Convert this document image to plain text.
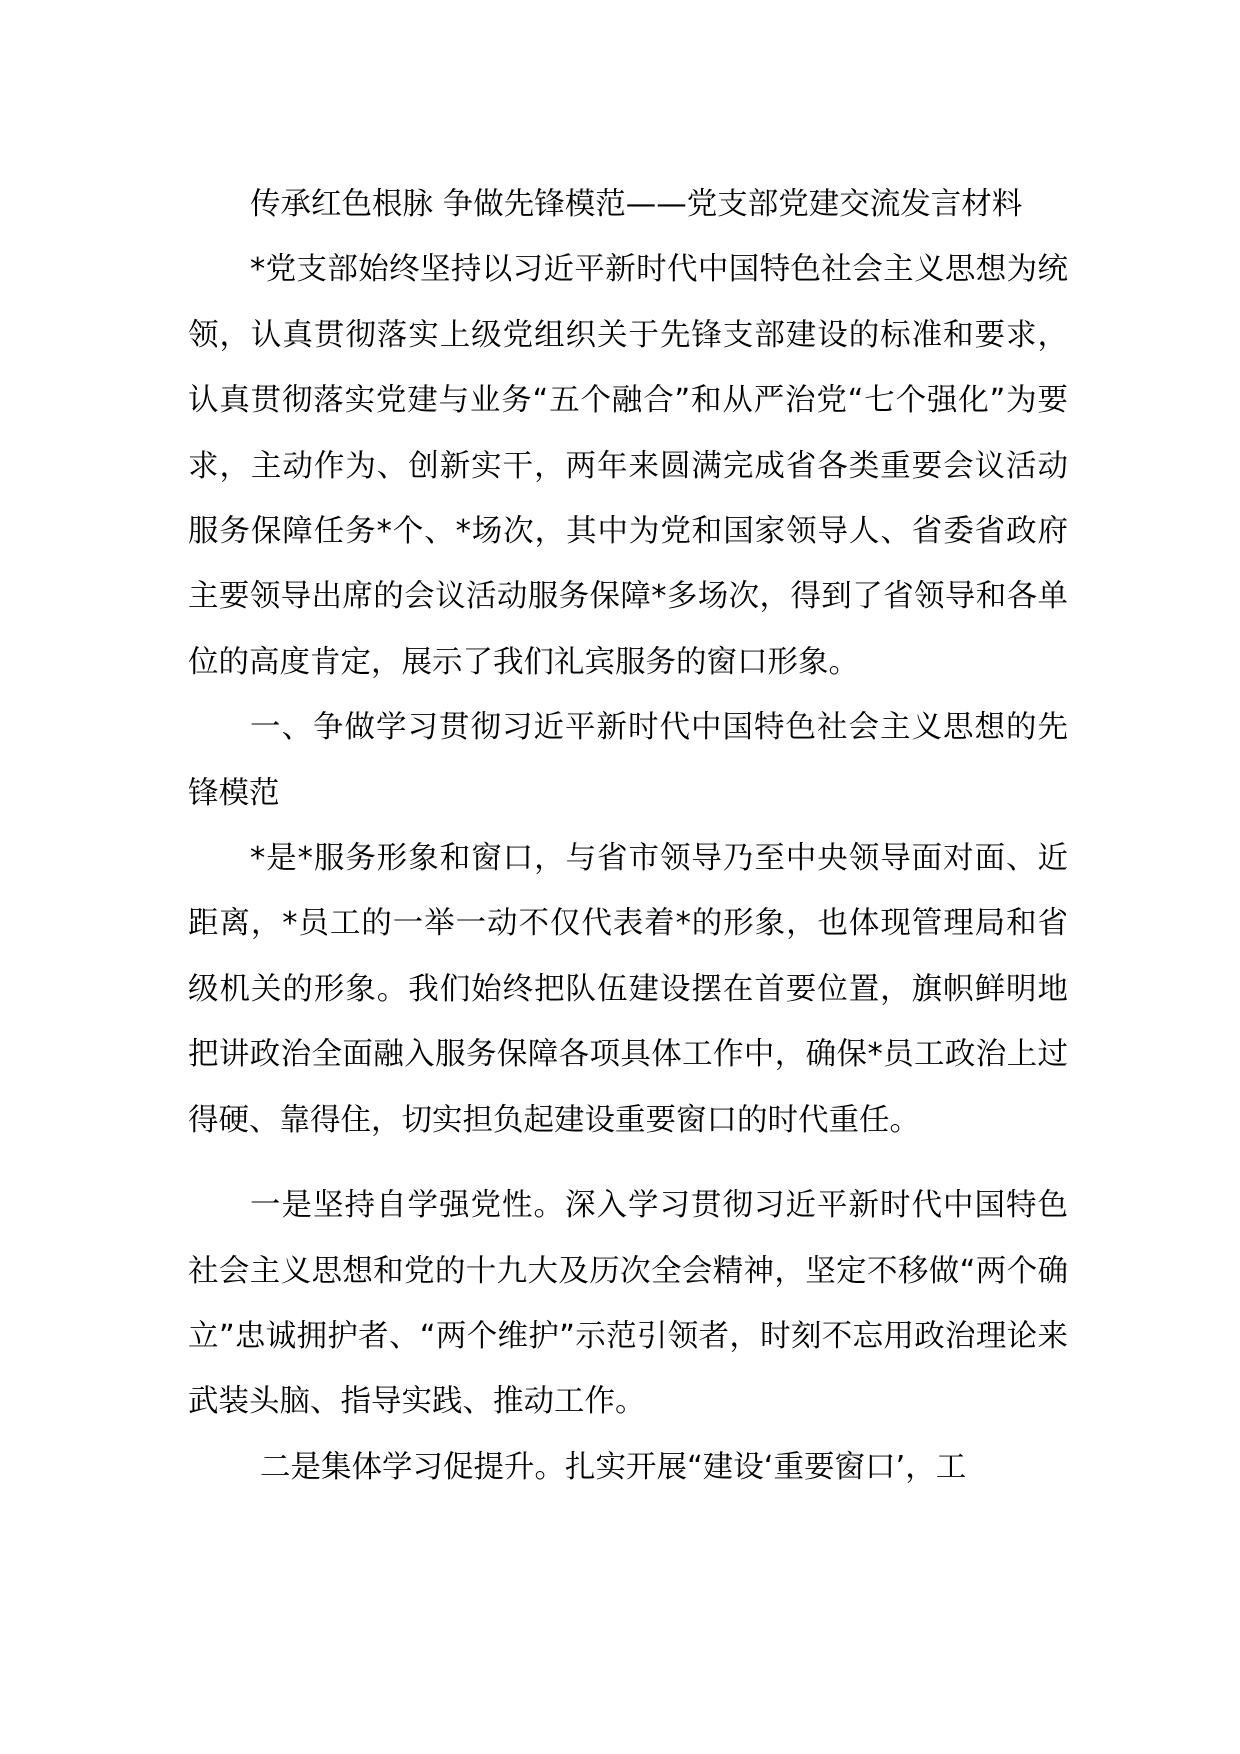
传承红色根脉 争做先锋模范——党支部党建交流发言材料

*党支部始终坚持以习近平新时代中国特色社会主义思想为统领，认真贯彻落实上级党组织关于先锋支部建设的标准和要求，认真贯彻落实党建与业务“五个融合”和从严治党“七个强化”为要求，主动作为、创新实干，两年来圆满完成省各类重要会议活动服务保障任务*个、*场次，其中为党和国家领导人、省委省政府主要领导出席的会议活动服务保障*多场次，得到了省领导和各单位的高度肯定，展示了我们礼宾服务的窗口形象。

一、争做学习贯彻习近平新时代中国特色社会主义思想的先锋模范

*是*服务形象和窗口，与省市领导乃至中央领导面对面、近距离，*员工的一举一动不仅代表着*的形象，也体现管理局和省级机关的形象。我们始终把队伍建设摆在首要位置，旗帜鲜明地把讲政治全面融入服务保障各项具体工作中，确保*员工政治上过得硬、靠得住，切实担负起建设重要窗口的时代重任。

一是坚持自学强党性。深入学习贯彻习近平新时代中国特色社会主义思想和党的十九大及历次全会精神，坚定不移做“两个确立”忠诚拥护者、“两个维护”示范引领者，时刻不忘用政治理论来武装头脑、指导实践、推动工作。

二是集体学习促提升。扎实开展“建设‘重要窗口’，工
